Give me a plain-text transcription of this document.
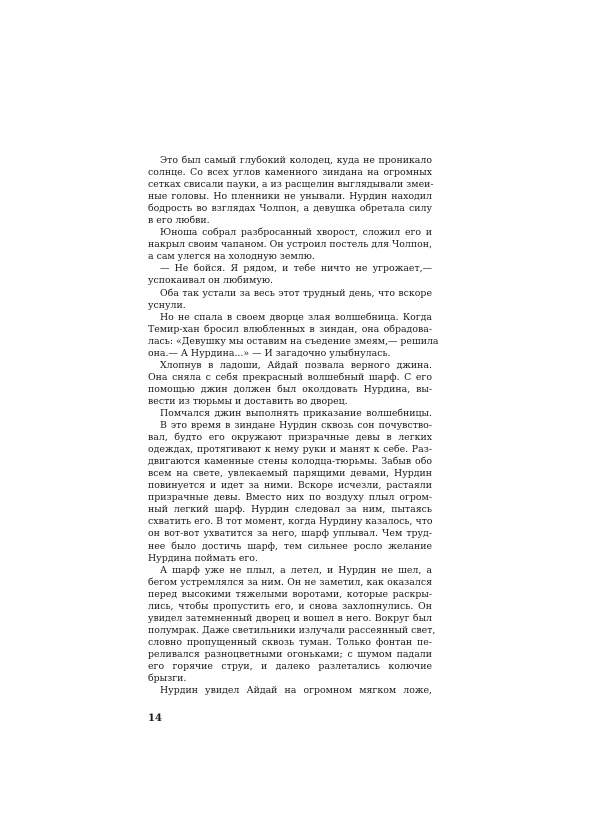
Это был самый глубокий колодец, куда не проникало
солнце. Со всех углов каменного зиндана на огромных
сетках свисали пауки, а из расщелин выглядывали змеи-
ные головы. Но пленники не унывали. Нурдин находил
бодрость во взглядах Чолпон, а девушка обретала силу
в его любви.
Юноша собрал разбросанный хворост, сложил его и
накрыл своим чапаном. Он устроил постель для Чолпон,
а сам улегся на холодную землю.
— Не бойся. Я рядом, и тебе ничто не угрожает,—
успокаивал он любимую.
Оба так устали за весь этот трудный день, что вскоре
уснули.
Но не спала в своем дворце злая волшебница. Когда
Темир-хан бросил влюбленных в зиндан, она обрадова-
лась: «Девушку мы оставим на съедение змеям,— решила
она.— А Нурдина...» — И загадочно улыбнулась.
Хлопнув в ладоши, Айдай позвала верного джина.
Она сняла с себя прекрасный волшебный шарф. С его
помощью джин должен был околдовать Нурдина, вы-
вести из тюрьмы и доставить во дворец.
Помчался джин выполнять приказание волшебницы.
В это время в зиндане Нурдин сквозь сон почувство-
вал, будто его окружают призрачные девы в легких
одеждах, протягивают к нему руки и манят к себе. Раз-
двигаются каменные стены колодца-тюрьмы. Забыв обо
всем на свете, увлекаемый парящими девами, Нурдин
повинуется и идет за ними. Вскоре исчезли, растаяли
призрачные девы. Вместо них по воздуху плыл огром-
ный легкий шарф. Нурдин следовал за ним, пытаясь
схватить его. В тот момент, когда Нурдину казалось, что
он вот-вот ухватится за него, шарф уплывал. Чем труд-
нее было достичь шарф, тем сильнее росло желание
Нурдина поймать его.
А шарф уже не плыл, а летел, и Нурдин не шел, а
бегом устремлялся за ним. Он не заметил, как оказался
перед высокими тяжелыми воротами, которые раскры-
лись, чтобы пропустить его, и снова захлопнулись. Он
увидел затемненный дворец и вошел в него. Вокруг был
полумрак. Даже светильники излучали рассеянный свет,
словно пропущенный сквозь туман. Только фонтан пе-
реливался разноцветными огоньками; с шумом падали
его горячие струи, и далеко разлетались колючие
брызги.
Нурдин увидел Айдай на огромном мягком ложе,
14
